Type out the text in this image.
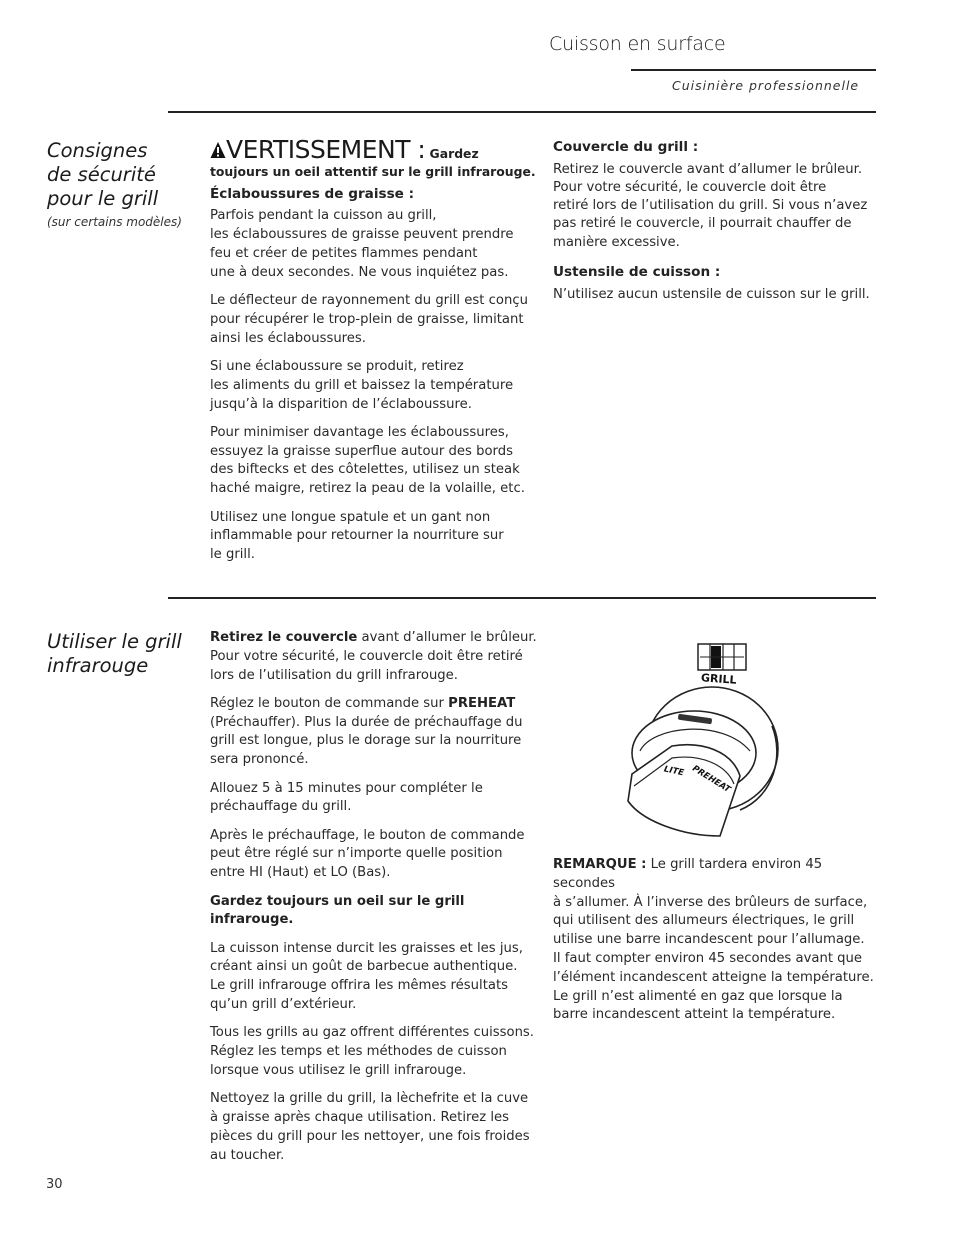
Cuisson en surface
Cuisinière professionnelle
Consignes
de sécurité
pour le grill
(sur certains modèles)
VERTISSEMENT : Gardez
toujours un oeil attentif sur le grill infrarouge.
Éclaboussures de graisse :

Parfois pendant la cuisson au grill,
les éclaboussures de graisse peuvent prendre
feu et créer de petites flammes pendant
une à deux secondes. Ne vous inquiétez pas.

Le déflecteur de rayonnement du grill est conçu
pour récupérer le trop-plein de graisse, limitant
ainsi les éclaboussures.

Si une éclaboussure se produit, retirez
les aliments du grill et baissez la température
jusqu’à la disparition de l’éclaboussure.

Pour minimiser davantage les éclaboussures,
essuyez la graisse superflue autour des bords
des biftecks et des côtelettes, utilisez un steak
haché maigre, retirez la peau de la volaille, etc.

Utilisez une longue spatule et un gant non
inflammable pour retourner la nourriture sur
le grill.

Couvercle du grill :

Retirez le couvercle avant d’allumer le brûleur.
Pour votre sécurité, le couvercle doit être
retiré lors de l’utilisation du grill. Si vous n’avez
pas retiré le couvercle, il pourrait chauffer de
manière excessive.

Ustensile de cuisson :

N’utilisez aucun ustensile de cuisson sur le grill.

Utiliser le grill
infrarouge

Retirez le couvercle avant d’allumer le brûleur.
Pour votre sécurité, le couvercle doit être retiré
lors de l’utilisation du grill infrarouge.

Réglez le bouton de commande sur PREHEAT
(Préchauffer). Plus la durée de préchauffage du
grill est longue, plus le dorage sur la nourriture
sera prononcé.

Allouez 5 à 15 minutes pour compléter le
préchauffage du grill.

Après le préchauffage, le bouton de commande
peut être réglé sur n’importe quelle position
entre HI (Haut) et LO (Bas).

Gardez toujours un oeil sur le grill infrarouge.

La cuisson intense durcit les graisses et les jus,
créant ainsi un goût de barbecue authentique.
Le grill infrarouge offrira les mêmes résultats
qu’un grill d’extérieur.

Tous les grills au gaz offrent différentes cuissons.
Réglez les temps et les méthodes de cuisson
lorsque vous utilisez le grill infrarouge.

Nettoyez la grille du grill, la lèchefrite et la cuve
à graisse après chaque utilisation. Retirez les
pièces du grill pour les nettoyer, une fois froides
au toucher.

GRILL
LITE PREHEAT

REMARQUE : Le grill tardera environ 45 secondes
à s’allumer. À l’inverse des brûleurs de surface,
qui utilisent des allumeurs électriques, le grill
utilise une barre incandescent pour l’allumage.
Il faut compter environ 45 secondes avant que
l’élément incandescent atteigne la température.
Le grill n’est alimenté en gaz que lorsque la
barre incandescent atteint la température.

30
